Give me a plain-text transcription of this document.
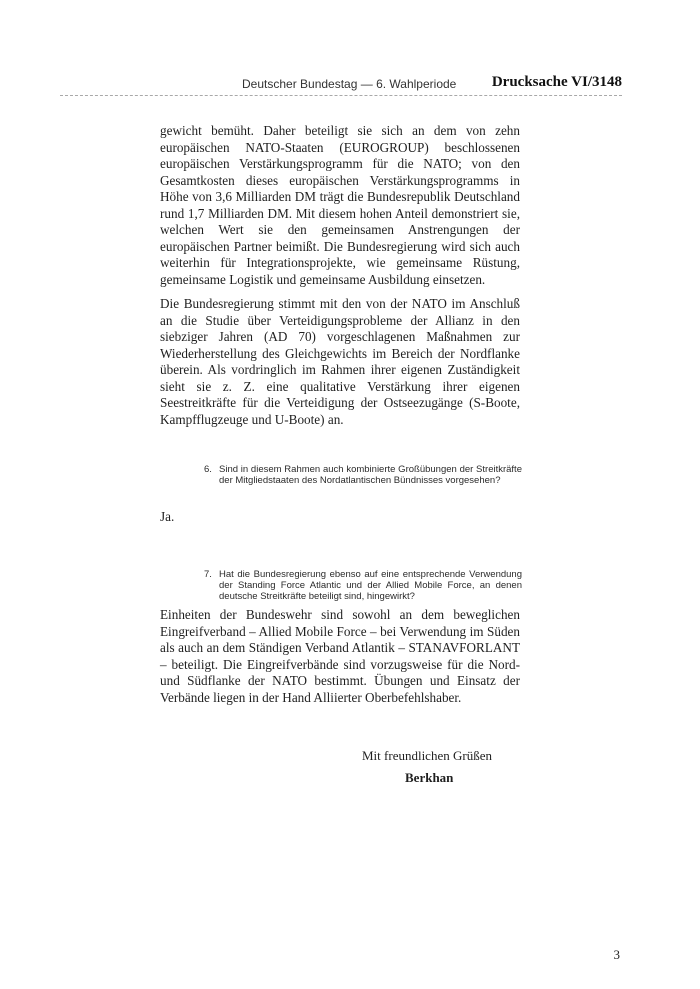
Deutscher Bundestag — 6. Wahlperiode Drucksache VI/3148

gewicht bemüht. Daher beteiligt sie sich an dem von zehn europäischen NATO-Staaten (EUROGROUP) beschlossenen europäischen Verstärkungsprogramm für die NATO; von den Gesamtkosten dieses europäischen Verstärkungsprogramms in Höhe von 3,6 Milliarden DM trägt die Bundesrepublik Deutschland rund 1,7 Milliarden DM. Mit diesem hohen Anteil demonstriert sie, welchen Wert sie den gemeinsamen Anstrengungen der europäischen Partner beimißt. Die Bundesregierung wird sich auch weiterhin für Integrationsprojekte, wie gemeinsame Rüstung, gemeinsame Logistik und gemeinsame Ausbildung einsetzen.

Die Bundesregierung stimmt mit den von der NATO im Anschluß an die Studie über Verteidigungsprobleme der Allianz in den siebziger Jahren (AD 70) vorgeschlagenen Maßnahmen zur Wiederherstellung des Gleichgewichts im Bereich der Nordflanke überein. Als vordringlich im Rahmen ihrer eigenen Zuständigkeit sieht sie z. Z. eine qualitative Verstärkung ihrer eigenen Seestreitkräfte für die Verteidigung der Ostseezugänge (S-Boote, Kampfflugzeuge und U-Boote) an.

6. Sind in diesem Rahmen auch kombinierte Großübungen der Streitkräfte der Mitgliedstaaten des Nordatlantischen Bündnisses vorgesehen?

Ja.

7. Hat die Bundesregierung ebenso auf eine entsprechende Verwendung der Standing Force Atlantic und der Allied Mobile Force, an denen deutsche Streitkräfte beteiligt sind, hingewirkt?

Einheiten der Bundeswehr sind sowohl an dem beweglichen Eingreifverband – Allied Mobile Force – bei Verwendung im Süden als auch an dem Ständigen Verband Atlantik – STANAVFORLANT – beteiligt. Die Eingreifverbände sind vorzugsweise für die Nord- und Südflanke der NATO bestimmt. Übungen und Einsatz der Verbände liegen in der Hand Alliierter Oberbefehlshaber.

Mit freundlichen Grüßen
Berkhan
3
